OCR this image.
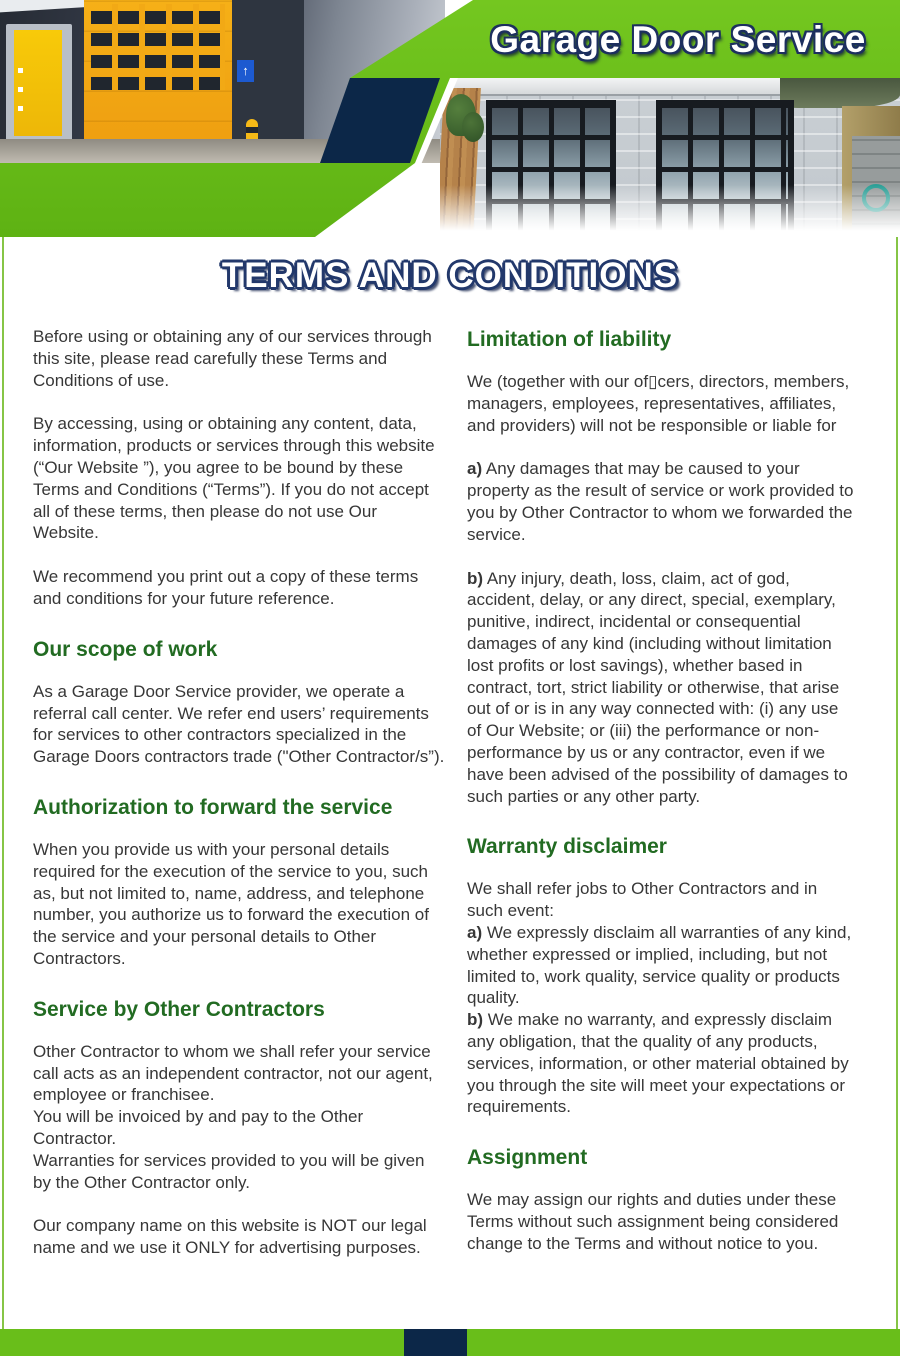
↑
Garage Door Service
TERMS AND CONDITIONS

Before using or obtaining any of our services through this site, please read carefully these Terms and Conditions of use.

By accessing, using or obtaining any content, data, information, products or services through this website (“Our Website ”), you agree to be bound by these Terms and Conditions (“Terms”). If you do not accept all of these terms, then please do not use Our Website.

We recommend you print out a copy of these terms and conditions for your future reference.

Our scope of work

As a Garage Door Service provider, we operate a referral call center. We refer end users’ requirements for services to other contractors specialized in the Garage Doors contractors trade ("Other Contractor/s”).

Authorization to forward the service

When you provide us with your personal details required for the execution of the service to you, such as, but not limited to, name, address, and telephone number, you authorize us to forward the execution of the service and your personal details to Other Contractors.

Service by Other Contractors

Other Contractor to whom we shall refer your service call acts as an independent contractor, not our agent, employee or franchisee.
You will be invoiced by and pay to the Other Contractor.
Warranties for services provided to you will be given by the Other Contractor only.

Our company name on this website is NOT our legal name and we use it ONLY for advertising purposes.

Limitation of liability

We (together with our of▯cers, directors, members, managers, employees, representatives, affiliates, and providers) will not be responsible or liable for

a) Any damages that may be caused to your property as the result of service or work provided to you by Other Contractor to whom we forwarded the service.

b) Any injury, death, loss, claim, act of god, accident, delay, or any direct, special, exemplary, punitive, indirect, incidental or consequential damages of any kind (including without limitation lost profits or lost savings), whether based in contract, tort, strict liability or otherwise, that arise out of or is in any way connected with: (i) any use of Our Website; or (iii) the performance or non-performance by us or any contractor, even if we have been advised of the possibility of damages to such parties or any other party.

Warranty disclaimer

We shall refer jobs to Other Contractors and in such event:
a) We expressly disclaim all warranties of any kind, whether expressed or implied, including, but not limited to, work quality, service quality or products quality.
b) We make no warranty, and expressly disclaim any obligation, that the quality of any products, services, information, or other material obtained by you through the site will meet your expectations or requirements.

Assignment

We may assign our rights and duties under these Terms without such assignment being considered change to the Terms and without notice to you.
